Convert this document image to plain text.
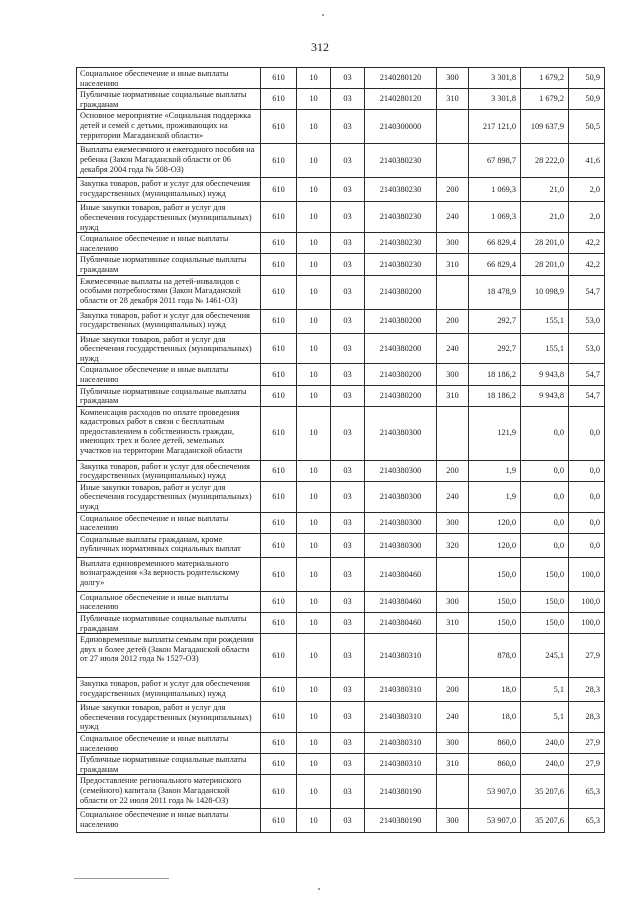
312
Социальное обеспечение и иные выплаты населению	610	10	03	2140280120	300	3 301,8	1 679,2	50,9
Публичные нормативные социальные выплаты гражданам	610	10	03	2140280120	310	3 301,8	1 679,2	50,9
Основное мероприятие «Социальная поддержка детей и семей с детьми, проживающих на территории Магаданской области»	610	10	03	2140300000		217 121,0	109 637,9	50,5
Выплаты ежемесячного и ежегодного пособия на ребенка (Закон Магаданской области от 06 декабря 2004 года № 508-ОЗ)	610	10	03	2140380230		67 898,7	28 222,0	41,6
Закупка товаров, работ и услуг для обеспечения государственных (муниципальных) нужд	610	10	03	2140380230	200	1 069,3	21,0	2,0
Иные закупки товаров, работ и услуг для обеспечения государственных (муниципальных) нужд	610	10	03	2140380230	240	1 069,3	21,0	2,0
Социальное обеспечение и иные выплаты населению	610	10	03	2140380230	300	66 829,4	28 201,0	42,2
Публичные нормативные социальные выплаты гражданам	610	10	03	2140380230	310	66 829,4	28 201,0	42,2
Ежемесячные выплаты на детей-инвалидов с особыми потребностями (Закон Магаданской области от 28 декабря 2011 года № 1461-ОЗ)	610	10	03	2140380200		18 478,9	10 098,9	54,7
Закупка товаров, работ и услуг для обеспечения государственных (муниципальных) нужд	610	10	03	2140380200	200	292,7	155,1	53,0
Иные закупки товаров, работ и услуг для обеспечения государственных (муниципальных) нужд	610	10	03	2140380200	240	292,7	155,1	53,0
Социальное обеспечение и иные выплаты населению	610	10	03	2140380200	300	18 186,2	9 943,8	54,7
Публичные нормативные социальные выплаты гражданам	610	10	03	2140380200	310	18 186,2	9 943,8	54,7
Компенсация расходов по оплате проведения кадастровых работ в связи с бесплатным предоставлением в собственность граждан, имеющих трех и более детей, земельных участков на территории Магаданской области	610	10	03	2140380300		121,9	0,0	0,0
Закупка товаров, работ и услуг для обеспечения государственных (муниципальных) нужд	610	10	03	2140380300	200	1,9	0,0	0,0
Иные закупки товаров, работ и услуг для обеспечения государственных (муниципальных) нужд	610	10	03	2140380300	240	1,9	0,0	0,0
Социальное обеспечение и иные выплаты населению	610	10	03	2140380300	300	120,0	0,0	0,0
Социальные выплаты гражданам, кроме публичных нормативных социальных выплат	610	10	03	2140380300	320	120,0	0,0	0,0
Выплата единовременного материального вознаграждения «За верность родительскому долгу»	610	10	03	2140380460		150,0	150,0	100,0
Социальное обеспечение и иные выплаты населению	610	10	03	2140380460	300	150,0	150,0	100,0
Публичные нормативные социальные выплаты гражданам	610	10	03	2140380460	310	150,0	150,0	100,0
Единовременные выплаты семьям при рождении двух и более детей (Закон Магаданской области от 27 июля 2012 года № 1527-ОЗ)	610	10	03	2140380310		878,0	245,1	27,9
Закупка товаров, работ и услуг для обеспечения государственных (муниципальных) нужд	610	10	03	2140380310	200	18,0	5,1	28,3
Иные закупки товаров, работ и услуг для обеспечения государственных (муниципальных) нужд	610	10	03	2140380310	240	18,0	5,1	28,3
Социальное обеспечение и иные выплаты населению	610	10	03	2140380310	300	860,0	240,0	27,9
Публичные нормативные социальные выплаты гражданам	610	10	03	2140380310	310	860,0	240,0	27,9
Предоставление регионального материнского (семейного) капитала (Закон Магаданской области от 22 июля 2011 года № 1428-ОЗ)	610	10	03	2140380190		53 907,0	35 207,6	65,3
Социальное обеспечение и иные выплаты населению	610	10	03	2140380190	300	53 907,0	35 207,6	65,3
